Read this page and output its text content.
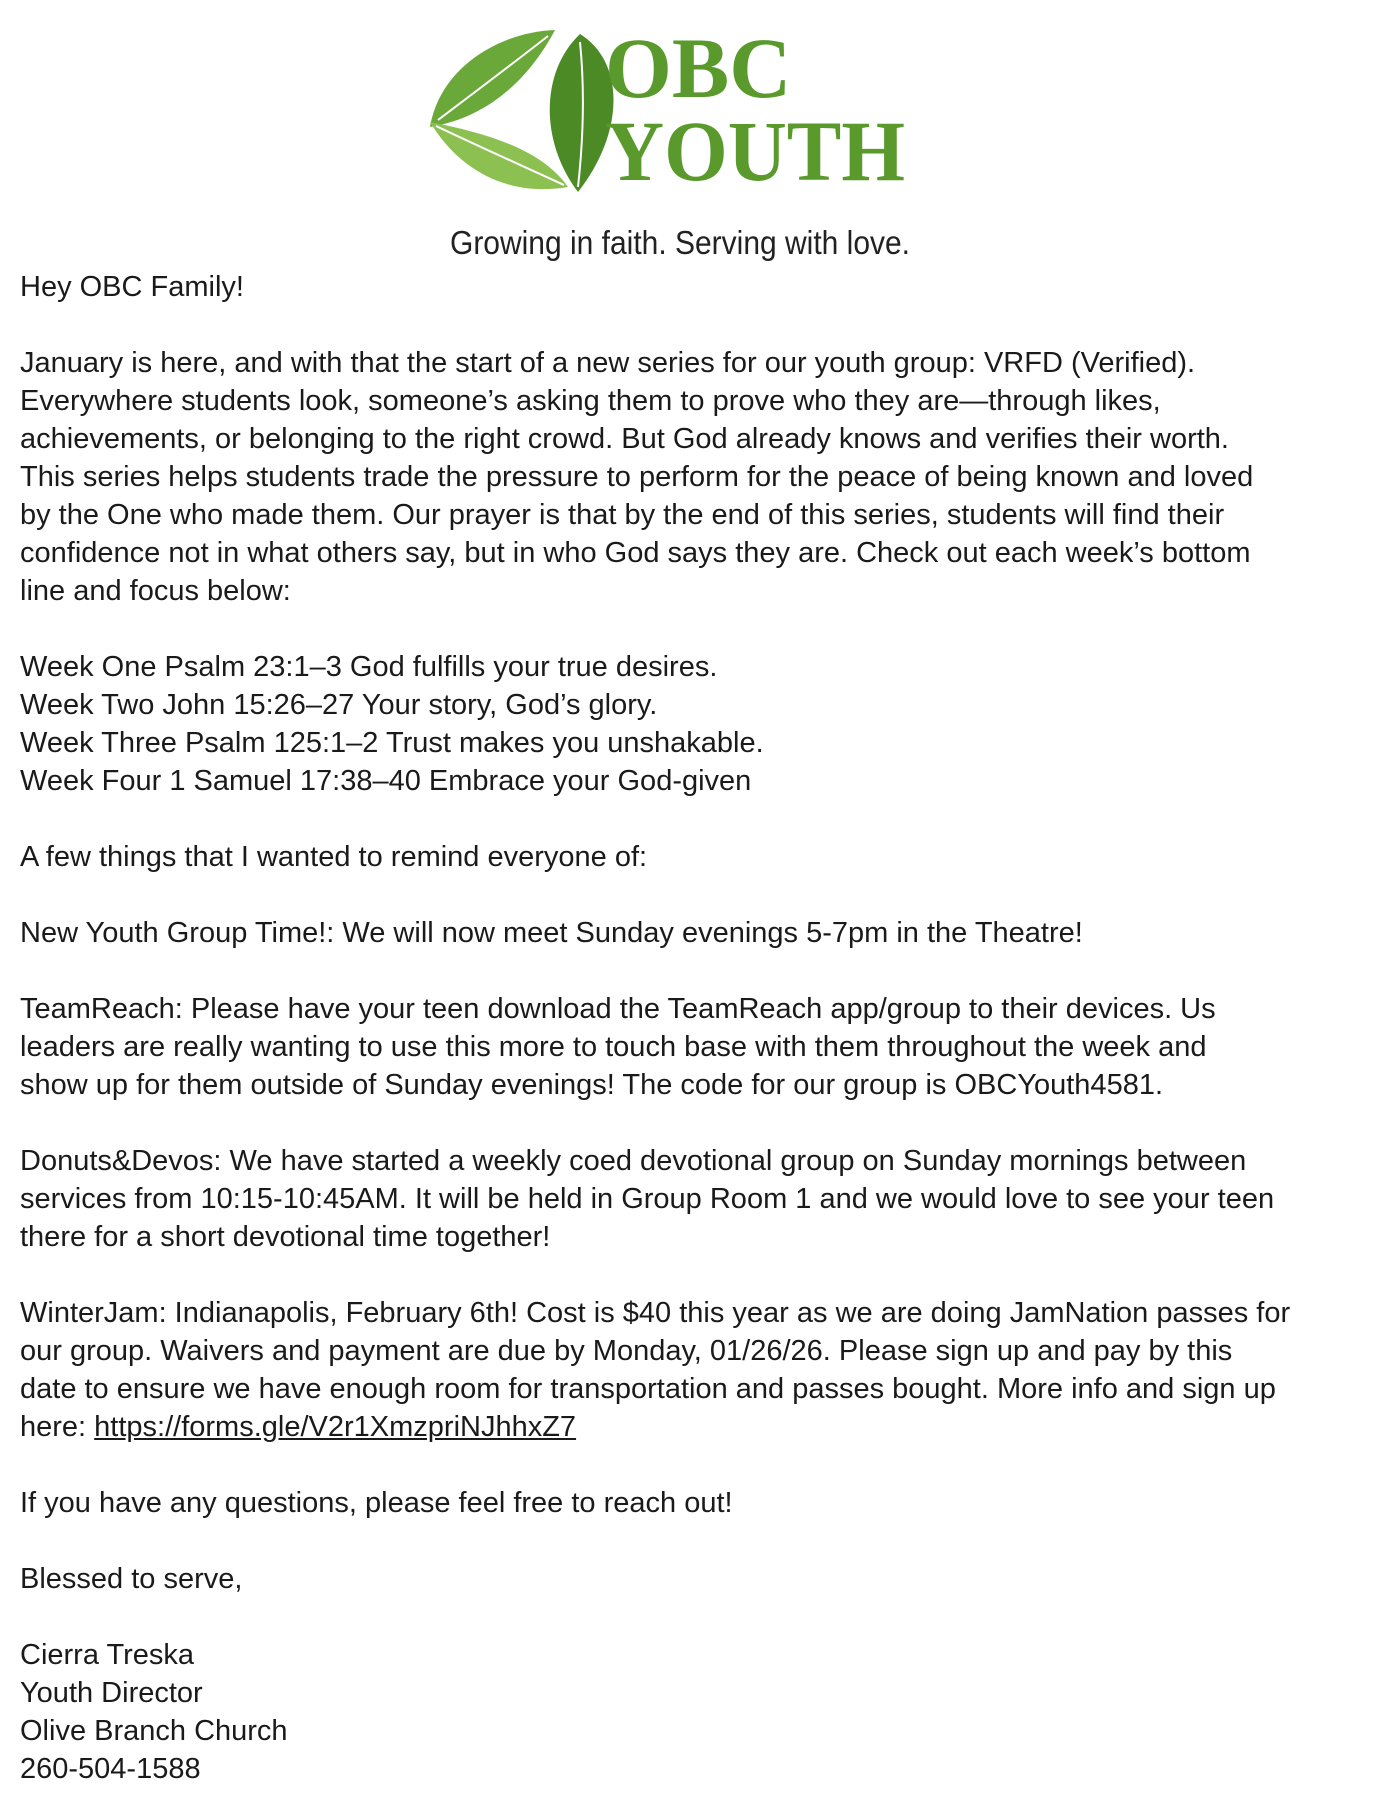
OBC
YOUTH
Growing in faith. Serving with love.

Hey OBC Family!

January is here, and with that the start of a new series for our youth group: VRFD (Verified).
Everywhere students look, someone’s asking them to prove who they are—through likes,
achievements, or belonging to the right crowd. But God already knows and verifies their worth.
This series helps students trade the pressure to perform for the peace of being known and loved
by the One who made them. Our prayer is that by the end of this series, students will find their
confidence not in what others say, but in who God says they are. Check out each week’s bottom
line and focus below:

Week One Psalm 23:1–3 God fulfills your true desires.
Week Two John 15:26–27 Your story, God’s glory.
Week Three Psalm 125:1–2 Trust makes you unshakable.
Week Four 1 Samuel 17:38–40 Embrace your God-given

A few things that I wanted to remind everyone of:

New Youth Group Time!: We will now meet Sunday evenings 5-7pm in the Theatre!

TeamReach: Please have your teen download the TeamReach app/group to their devices. Us
leaders are really wanting to use this more to touch base with them throughout the week and
show up for them outside of Sunday evenings! The code for our group is OBCYouth4581.

Donuts&Devos: We have started a weekly coed devotional group on Sunday mornings between
services from 10:15-10:45AM. It will be held in Group Room 1 and we would love to see your teen
there for a short devotional time together!

WinterJam: Indianapolis, February 6th! Cost is $40 this year as we are doing JamNation passes for
our group. Waivers and payment are due by Monday, 01/26/26. Please sign up and pay by this
date to ensure we have enough room for transportation and passes bought. More info and sign up
here: https://forms.gle/V2r1XmzpriNJhhxZ7

If you have any questions, please feel free to reach out!

Blessed to serve,

Cierra Treska
Youth Director
Olive Branch Church
260-504-1588
